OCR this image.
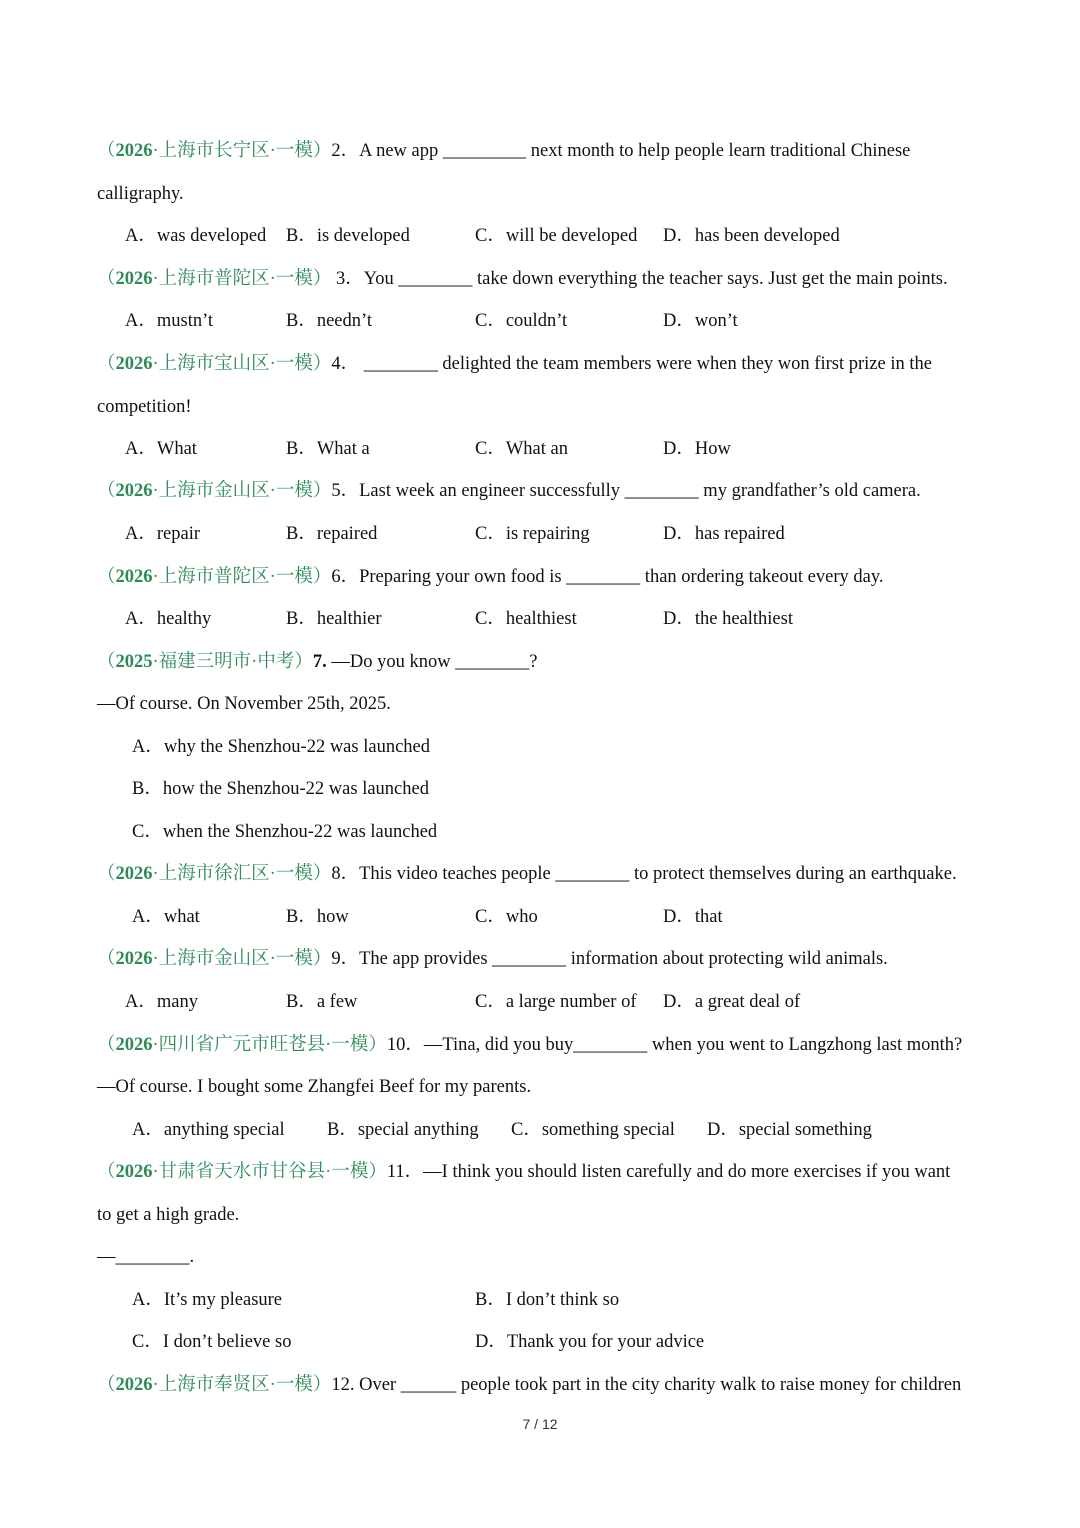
（2026·上海市长宁区·一模）2．A new app _________ next month to help people learn traditional Chinese
calligraphy.
A．was developed B．is developed	C．will be developed D．has been developed
（2026·上海市普陀区·一模） 3．You ________ take down everything the teacher says. Just get the main points.
A．mustn’t	B．needn’t	C．couldn’t	D．won’t
（2026·上海市宝山区·一模）4． ________ delighted the team members were when they won first prize in the
competition!
A．What	B．What a	C．What an	D．How
（2026·上海市金山区·一模）5．Last week an engineer successfully ________ my grandfather’s old camera.
A．repair	B．repaired	C．is repairing	D．has repaired
（2026·上海市普陀区·一模）6．Preparing your own food is ________ than ordering takeout every day.
A．healthy	B．healthier	C．healthiest	D．the healthiest
（2025·福建三明市·中考）7. —Do you know ________?
—Of course. On November 25th, 2025.
A．why the Shenzhou-22 was launched
B．how the Shenzhou-22 was launched
C．when the Shenzhou-22 was launched
（2026·上海市徐汇区·一模）8．This video teaches people ________ to protect themselves during an earthquake.
A．what	B．how	C．who	D．that
（2026·上海市金山区·一模）9．The app provides ________ information about protecting wild animals.
A．many	B．a few	C．a large number of D．a great deal of
（2026·四川省广元市旺苍县·一模）10．—Tina, did you buy________ when you went to Langzhong last month?
—Of course. I bought some Zhangfei Beef for my parents.
A．anything special B．special anything C．something special D．special something
（2026·甘肃省天水市甘谷县·一模）11．—I think you should listen carefully and do more exercises if you want
to get a high grade.
—________.
A．It’s my pleasure	B．I don’t think so
C．I don’t believe so	D．Thank you for your advice
（2026·上海市奉贤区·一模）12. Over ______ people took part in the city charity walk to raise money for children
7 / 12
